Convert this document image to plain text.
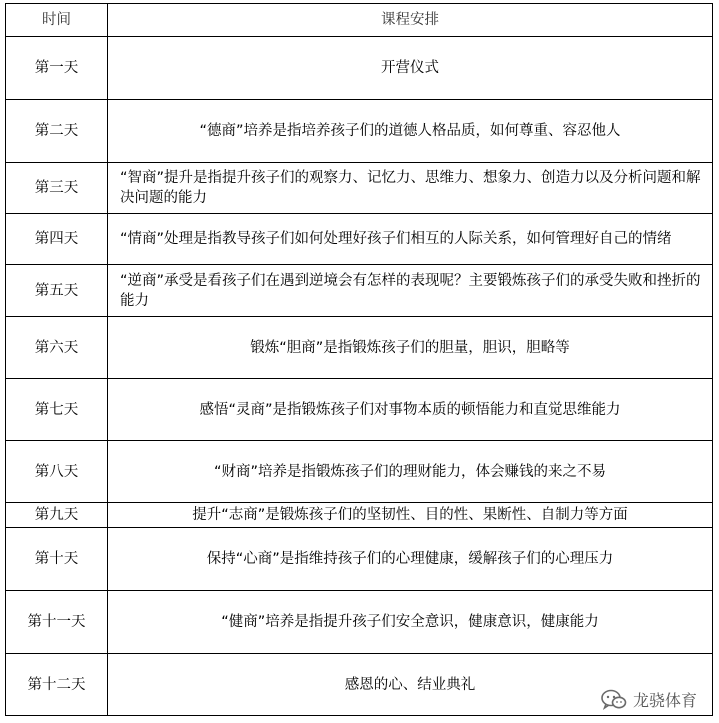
时间	课程安排
第一天	开营仪式
第二天	“德商”培养是指培养孩子们的道德人格品质，如何尊重、容忍他人
第三天	“智商”提升是指提升孩子们的观察力、记忆力、思维力、想象力、创造力以及分析问题和解决问题的能力
第四天	“情商”处理是指教导孩子们如何处理好孩子们相互的人际关系，如何管理好自己的情绪
第五天	“逆商”承受是看孩子们在遇到逆境会有怎样的表现呢？主要锻炼孩子们的承受失败和挫折的能力
第六天	锻炼“胆商”是指锻炼孩子们的胆量，胆识，胆略等
第七天	感悟“灵商”是指锻炼孩子们对事物本质的顿悟能力和直觉思维能力
第八天	“财商”培养是指锻炼孩子们的理财能力，体会赚钱的来之不易
第九天	提升“志商”是锻炼孩子们的坚韧性、目的性、果断性、自制力等方面
第十天	保持“心商”是指维持孩子们的心理健康，缓解孩子们的心理压力
第十一天	“健商”培养是指提升孩子们安全意识，健康意识，健康能力
第十二天	感恩的心、结业典礼
龙骁体育
